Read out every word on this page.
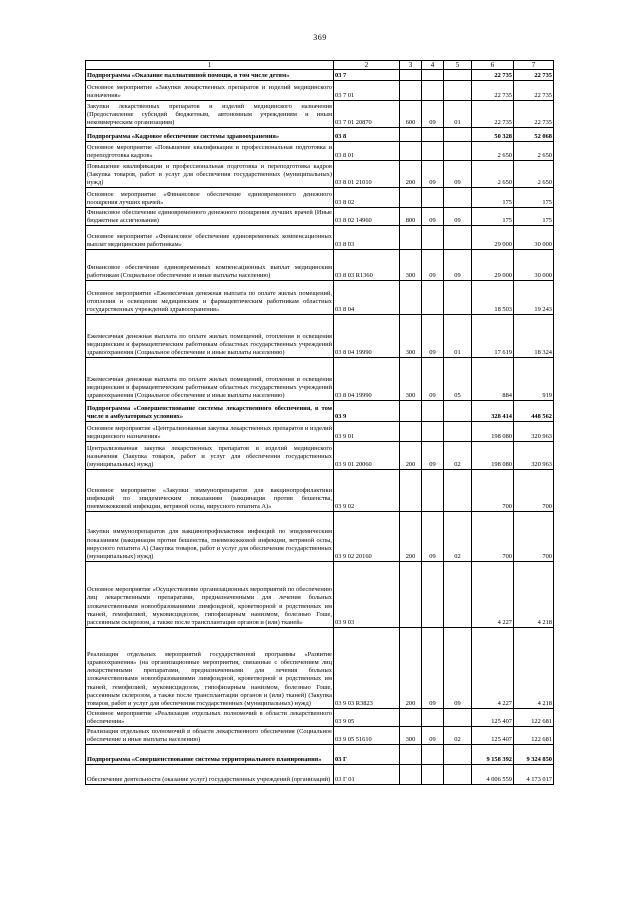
369
1	2	3	4	5	6	7
Подпрограмма «Оказание паллиативной помощи, в том числе детям»	03 7				22 735	22 735
Основное мероприятие «Закупки лекарственных препаратов и изделий медицинского назначения»	03 7 01				22 735	22 735
Закупки лекарственных препаратов и изделий медицинского назначения (Предоставление субсидий бюджетным, автономным учреждениям и иным некоммерческим организациям)	03 7 01 20870	600	09	01	22 735	22 735
Подпрограмма «Кадровое обеспечение системы здравоохранения»	03 8				50 328	52 068
Основное мероприятие «Повышение квалификации и профессиональная подготовка и переподготовка кадров»	03 8 01				2 650	2 650
Повышение квалификации и профессиональная подготовка и переподготовка кадров (Закупка товаров, работ и услуг для обеспечения государственных (муниципальных) нужд)	03 8 01 21010	200	09	09	2 650	2 650
Основное мероприятие «Финансовое обеспечение единовременного денежного поощрения лучших врачей»	03 8 02				175	175
Финансовое обеспечение единовременного денежного поощрения лучших врачей (Иные бюджетные ассигнования)	03 8 02 14960	800	09	09	175	175
Основное мероприятие «Финансовое обеспечение единовременных компенсационных выплат медицинским работникам»	03 8 03				29 000	30 000
Финансовое обеспечение единовременных компенсационных выплат медицинским работникам (Социальное обеспечение и иные выплаты населению)	03 8 03 R1360	300	09	09	29 000	30 000
Основное мероприятие «Ежемесячная денежная выплата по оплате жилых помещений, отопления и освещения медицинским и фармацевтическим работникам областных государственных учреждений здравоохранения»	03 8 04				18 503	19 243
Ежемесячная денежная выплата по оплате жилых помещений, отопления и освещения медицинским и фармацевтическим работникам областных государственных учреждений здравоохранения (Социальное обеспечение и иные выплаты населению)	03 8 04 19990	300	09	01	17 619	18 324
Ежемесячная денежная выплата по оплате жилых помещений, отопления и освещения медицинским и фармацевтическим работникам областных государственных учреждений здравоохранения (Социальное обеспечение и иные выплаты населению)	03 8 04 19990	300	09	05	884	919
Подпрограмма «Совершенствование системы лекарственного обеспечения, в том числе в амбулаторных условиях»	03 9				328 414	448 562
Основное мероприятие «Централизованная закупка лекарственных препаратов и изделий медицинского назначения»	03 9 01				198 080	320 963
Централизованная закупка лекарственных препаратов и изделий медицинского назначения (Закупка товаров, работ и услуг для обеспечения государственных (муниципальных) нужд)	03 9 01 20060	200	09	02	198 080	320 963
Основное мероприятие «Закупки иммунопрепаратов для вакцинопрофилактики инфекций по эпидемическим показаниям (вакцинация против бешенства, пневмококковой инфекции, ветряной оспы, вирусного гепатита А)»	03 9 02				700	700
Закупки иммунопрепаратов для вакцинопрофилактики инфекций по эпидемическим показаниям (вакцинация против бешенства, пневмококковой инфекции, ветряной оспы, вирусного гепатита А) (Закупка товаров, работ и услуг для обеспечения государственных (муниципальных) нужд)	03 9 02 20160	200	09	02	700	700
Основное мероприятие «Осуществление организационных мероприятий по обеспечению лиц лекарственными препаратами, предназначенными для лечения больных злокачественными новообразованиями лимфоидной, кроветворной и родственных им тканей, гемофилией, муковисцидозом, гипофизарным нанизмом, болезнью Гоше, рассеянным склерозом, а также после трансплантации органов и (или) тканей»	03 9 03				4 227	4 218
Реализация отдельных мероприятий государственной программы «Развитие здравоохранения» (на организационные мероприятия, связанные с обеспечением лиц лекарственными препаратами, предназначенными для лечения больных злокачественными новообразованиями лимфоидной, кроветворной и родственных им тканей, гемофилией, муковисцидозом, гипофизарным нанизмом, болезнью Гоше, рассеянным склерозом, а также после трансплантации органов и (или) тканей) (Закупка товаров, работ и услуг для обеспечения государственных (муниципальных) нужд)	03 9 03 R3823	200	09	09	4 227	4 218
Основное мероприятие «Реализация отдельных полномочий в области лекарственного обеспечения»	03 9 05				125 407	122 681
Реализация отдельных полномочий в области лекарственного обеспечения (Социальное обеспечение и иные выплаты населению)	03 9 05 51610	300	09	02	125 407	122 681
Подпрограмма «Совершенствование системы территориального планирования»	03 Г				9 158 392	9 324 850
Обеспечение деятельности (оказание услуг) государственных учреждений (организаций)	03 Г 01				4 006 559	4 173 017
